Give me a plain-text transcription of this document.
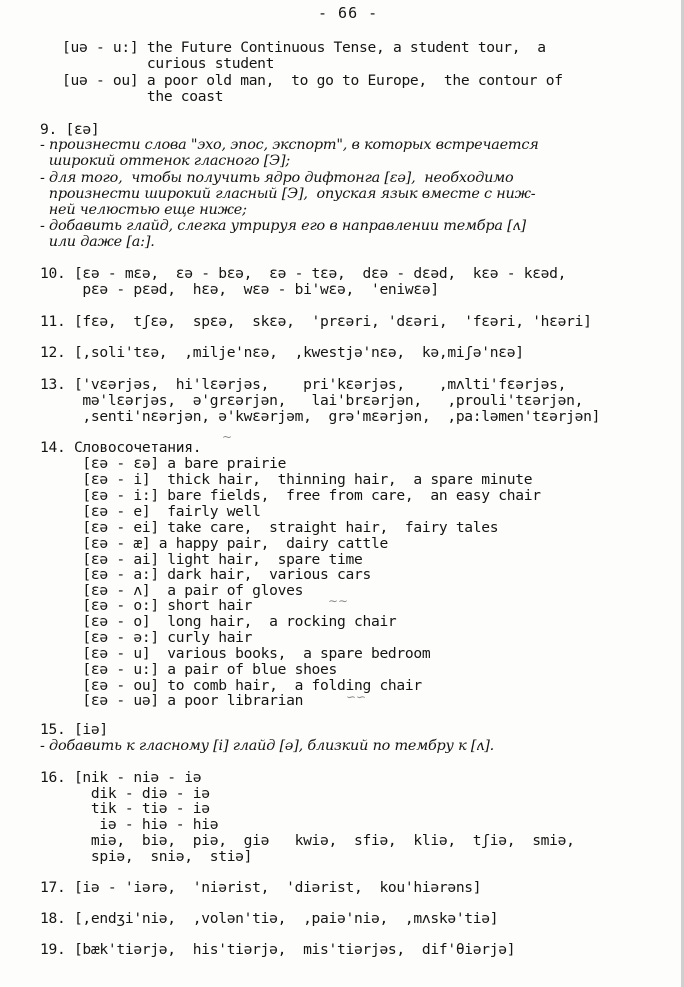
- 66 -
[uə - u:] the Future Continuous Tense, a student tour,  a
curious student
[uə - ou] a poor old man,  to go to Europe,  the contour of
the coast
9. [εə]
- произнести слова "эхо, эпос, экспорт", в которых встречается
широкий оттенок гласного [Э];
- для того,  чтобы получить ядро дифтонга [εə],  необходимо
произнести широкий гласный [Э],  опуская язык вместе с ниж-
ней челюстью еще ниже;
- добавить глайд, слегка утрируя его в направлении тембра [ʌ]
или даже [a:].
10. [εə - mεə,  εə - bεə,  εə - tεə,  dεə - dεəd,  kεə - kεəd,
pεə - pεəd,  hεə,  wεə - bi'wεə,  'eniwεə]
11. [fεə,  tʃεə,  spεə,  skεə,  'prεəri, 'dεəri,  'fεəri, 'hεəri]
12. [,soli'tεə,  ,milje'nεə,  ,kwestjə'nεə,  kə,miʃə'nεə]
13. ['vεərjəs,  hi'lεərjəs,    pri'kεərjəs,    ,mʌlti'fεərjəs,
mə'lεərjəs,  ə'grεərjən,   lai'brεərjən,   ,prouli'tεərjən,
,senti'nεərjən, ə'kwεərjəm,  grə'mεərjən,  ,pa:ləmen'tεərjən]
14. Словосочетания.
[εə - εə] a bare prairie
[εə - i]  thick hair,  thinning hair,  a spare minute
[εə - i:] bare fields,  free from care,  an easy chair
[εə - e]  fairly well
[εə - ei] take care,  straight hair,  fairy tales
[εə - æ] a happy pair,  dairy cattle
[εə - ai] light hair,  spare time
[εə - a:] dark hair,  various cars
[εə - ʌ]  a pair of gloves
[εə - o:] short hair
[εə - o]  long hair,  a rocking chair
[εə - ə:] curly hair
[εə - u]  various books,  a spare bedroom
[εə - u:] a pair of blue shoes
[εə - ou] to comb hair,  a folding chair
[εə - uə] a poor librarian
~
∼∼
∽∽
15. [iə]
- добавить к гласному [i] глайд [ə], близкий по тембру к [ʌ].
16. [nik - niə - iə
dik - diə - iə
tik - tiə - iə
iə - hiə - hiə
miə,  biə,  piə,  giə   kwiə,  sfiə,  kliə,  tʃiə,  smiə,
spiə,  sniə,  stiə]
17. [iə - 'iərə,  'niərist,  'diərist,  kou'hiərəns]
18. [,endʒi'niə,  ,volən'tiə,  ,paiə'niə,  ,mʌskə'tiə]
19. [bæk'tiərjə,  his'tiərjə,  mis'tiərjəs,  dif'θiərjə]
